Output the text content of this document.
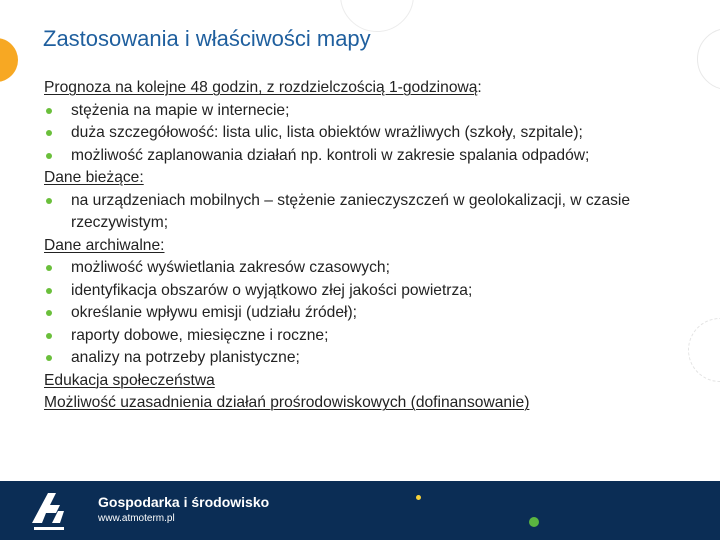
Zastosowania i właściwości mapy
Prognoza na kolejne 48 godzin, z rozdzielczością 1-godzinową:
stężenia na mapie w internecie;
duża szczegółowość: lista ulic, lista obiektów wrażliwych (szkoły, szpitale);
możliwość zaplanowania działań np. kontroli w zakresie spalania odpadów;
Dane bieżące:
na urządzeniach mobilnych – stężenie zanieczyszczeń w geolokalizacji, w czasie rzeczywistym;
Dane archiwalne:
możliwość wyświetlania zakresów czasowych;
identyfikacja obszarów o wyjątkowo złej jakości powietrza;
określanie wpływu emisji (udziału źródeł);
raporty dobowe, miesięczne i roczne;
analizy na potrzeby planistyczne;
Edukacja społeczeństwa
Możliwość uzasadnienia działań prośrodowiskowych (dofinansowanie)
Gospodarka i środowisko
www.atmoterm.pl
